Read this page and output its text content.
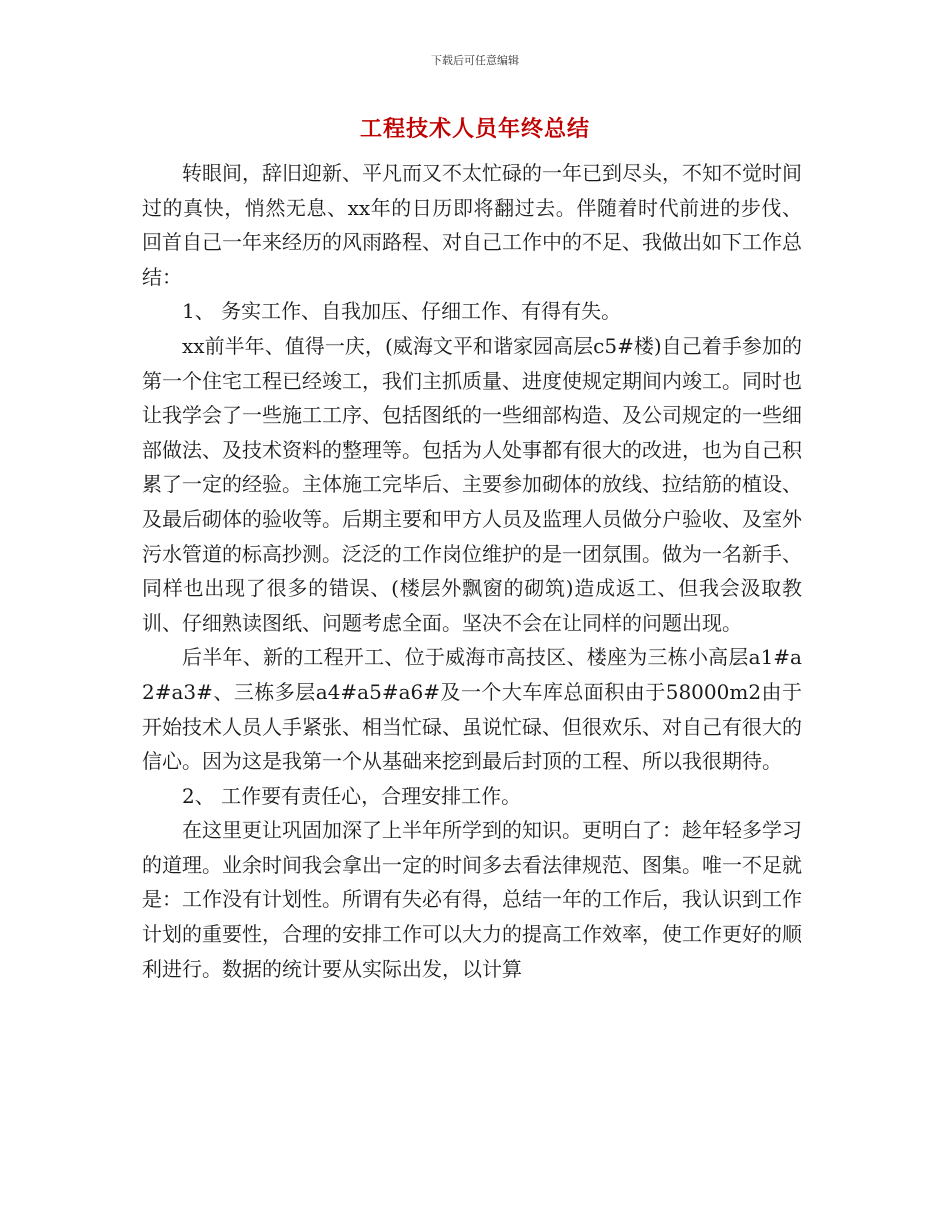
下载后可任意编辑
工程技术人员年终总结

转眼间，辞旧迎新、平凡而又不太忙碌的一年已到尽头，不知不觉时间过的真快，悄然无息、xx年的日历即将翻过去。伴随着时代前进的步伐、回首自己一年来经历的风雨路程、对自己工作中的不足、我做出如下工作总结：

1、 务实工作、自我加压、仔细工作、有得有失。

xx前半年、值得一庆，(威海文平和谐家园高层c5#楼)自己着手参加的第一个住宅工程已经竣工，我们主抓质量、进度使规定期间内竣工。同时也让我学会了一些施工工序、包括图纸的一些细部构造、及公司规定的一些细部做法、及技术资料的整理等。包括为人处事都有很大的改进，也为自己积累了一定的经验。主体施工完毕后、主要参加砌体的放线、拉结筋的植设、及最后砌体的验收等。后期主要和甲方人员及监理人员做分户验收、及室外污水管道的标高抄测。泛泛的工作岗位维护的是一团氛围。做为一名新手、同样也出现了很多的错误、(楼层外飘窗的砌筑)造成返工、但我会汲取教训、仔细熟读图纸、问题考虑全面。坚决不会在让同样的问题出现。

后半年、新的工程开工、位于威海市高技区、楼座为三栋小高层a1#a2#a3#、三栋多层a4#a5#a6#及一个大车库总面积由于58000m2由于开始技术人员人手紧张、相当忙碌、虽说忙碌、但很欢乐、对自己有很大的信心。因为这是我第一个从基础来挖到最后封顶的工程、所以我很期待。

2、 工作要有责任心，合理安排工作。

在这里更让巩固加深了上半年所学到的知识。更明白了：趁年轻多学习的道理。业余时间我会拿出一定的时间多去看法律规范、图集。唯一不足就是：工作没有计划性。所谓有失必有得，总结一年的工作后，我认识到工作计划的重要性，合理的安排工作可以大力的提高工作效率，使工作更好的顺利进行。数据的统计要从实际出发，以计算
